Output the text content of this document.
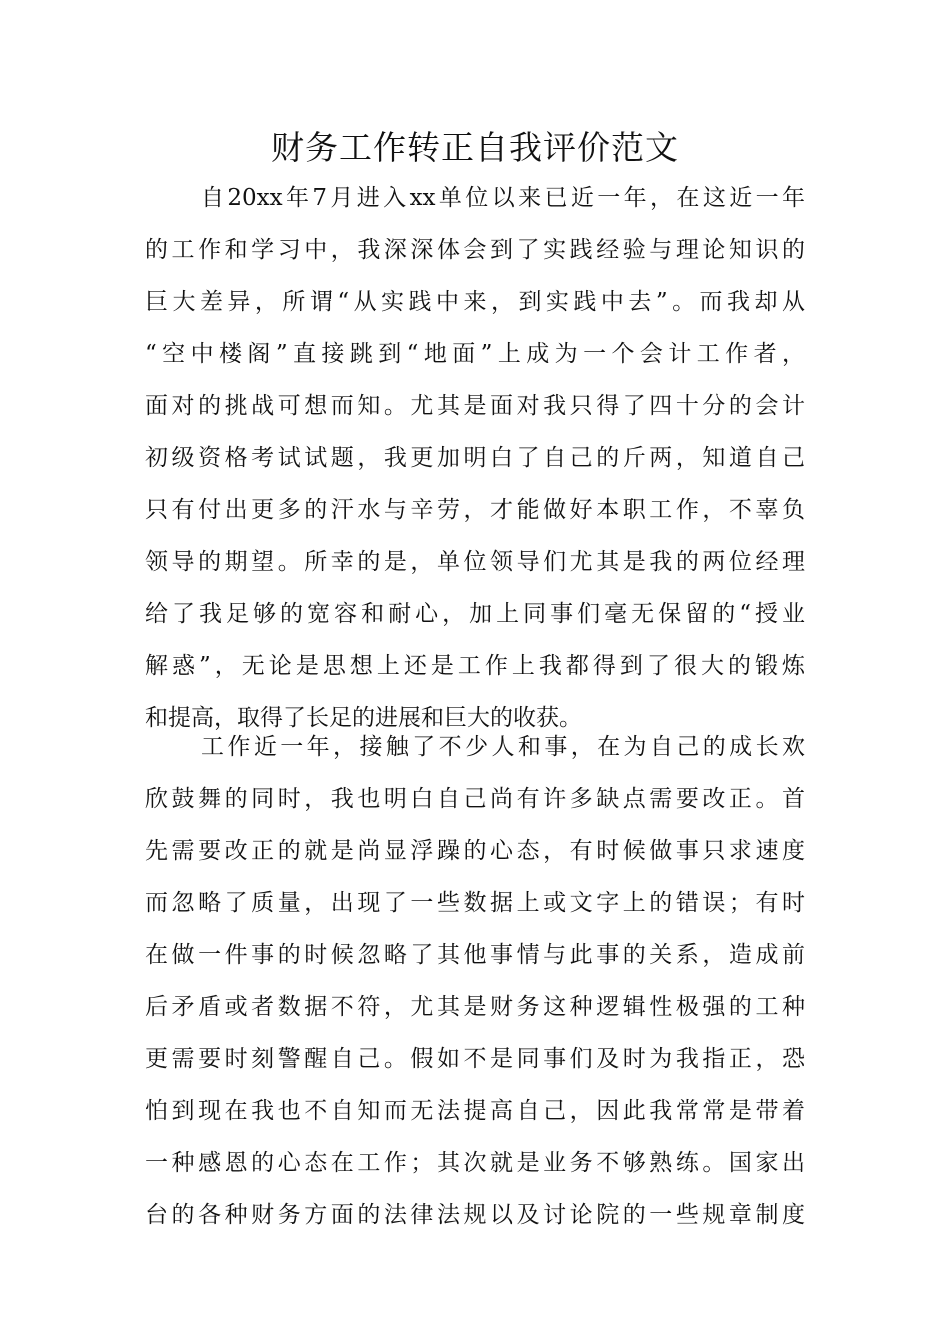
财务工作转正自我评价范文
自20xx年7月进入xx单位以来已近一年，在这近一年
的工作和学习中，我深深体会到了实践经验与理论知识的
巨大差异，所谓“从实践中来，到实践中去”。而我却从
“空中楼阁”直接跳到“地面”上成为一个会计工作者，
面对的挑战可想而知。尤其是面对我只得了四十分的会计
初级资格考试试题，我更加明白了自己的斤两，知道自己
只有付出更多的汗水与辛劳，才能做好本职工作，不辜负
领导的期望。所幸的是，单位领导们尤其是我的两位经理
给了我足够的宽容和耐心，加上同事们毫无保留的“授业
解惑”，无论是思想上还是工作上我都得到了很大的锻炼
和提高，取得了长足的进展和巨大的收获。
工作近一年，接触了不少人和事，在为自己的成长欢
欣鼓舞的同时，我也明白自己尚有许多缺点需要改正。首
先需要改正的就是尚显浮躁的心态，有时候做事只求速度
而忽略了质量，出现了一些数据上或文字上的错误；有时
在做一件事的时候忽略了其他事情与此事的关系，造成前
后矛盾或者数据不符，尤其是财务这种逻辑性极强的工种
更需要时刻警醒自己。假如不是同事们及时为我指正，恐
怕到现在我也不自知而无法提高自己，因此我常常是带着
一种感恩的心态在工作；其次就是业务不够熟练。国家出
台的各种财务方面的法律法规以及讨论院的一些规章制度
